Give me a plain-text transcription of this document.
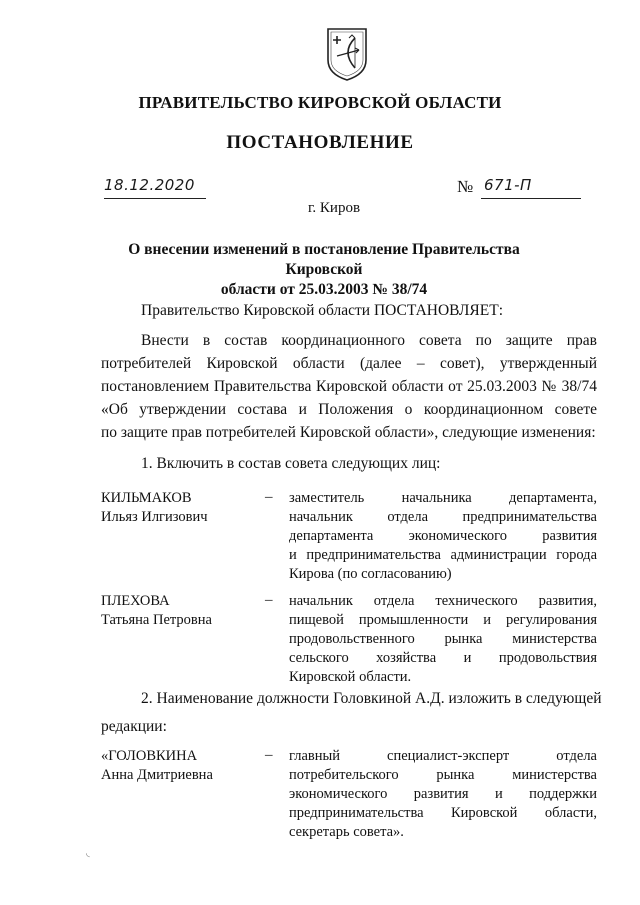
ПРАВИТЕЛЬСТВО КИРОВСКОЙ ОБЛАСТИ
ПОСТАНОВЛЕНИЕ
18.12.2020	№ 671-П
г. Киров
О внесении изменений в постановление Правительства Кировской
области от 25.03.2003 № 38/74
Правительство Кировской области ПОСТАНОВЛЯЕТ:
Внести в состав координационного совета по защите прав
потребителей Кировской области (далее – совет), утвержденный
постановлением Правительства Кировской области от 25.03.2003 № 38/74
«Об утверждении состава и Положения о координационном совете
по защите прав потребителей Кировской области», следующие изменения:
1. Включить в состав совета следующих лиц:
КИЛЬМАКОВ
Ильяз Илгизович
– заместитель начальника департамента,
начальник отдела предпринимательства
департамента экономического развития
и предпринимательства администрации города
Кирова (по согласованию)
ПЛЕХОВА
Татьяна Петровна
– начальник отдела технического развития,
пищевой промышленности и регулирования
продовольственного рынка министерства
сельского хозяйства и продовольствия
Кировской области.
2. Наименование должности Головкиной А.Д. изложить в следующей
редакции:
«ГОЛОВКИНА
Анна Дмитриевна
– главный специалист-эксперт отдела
потребительского рынка министерства
экономического развития и поддержки
предпринимательства Кировской области,
секретарь совета».
◟
